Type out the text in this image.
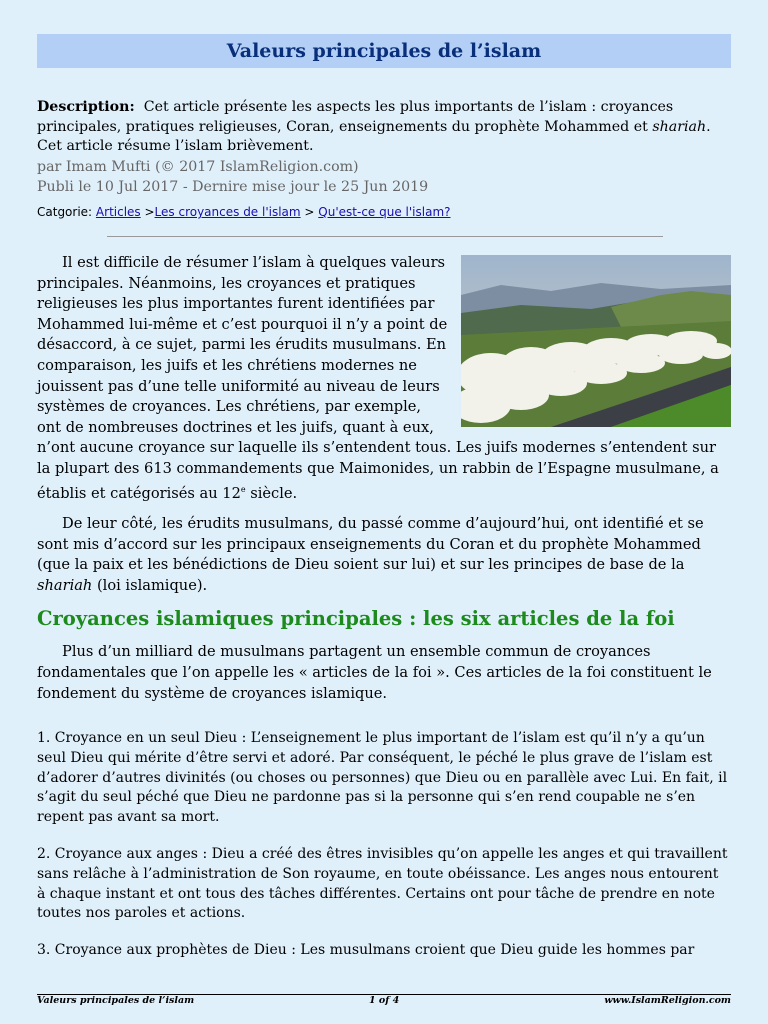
Valeurs principales de l’islam
Description: Cet article présente les aspects les plus importants de l’islam : croyances principales, pratiques religieuses, Coran, enseignements du prophète Mohammed et shariah. Cet article résume l’islam brièvement.
par Imam Mufti (© 2017 IslamReligion.com)
Publi le 10 Jul 2017 - Dernire mise jour le 25 Jun 2019
Catgorie: Articles >Les croyances de l'islam > Qu'est-ce que l'islam?

Il est difficile de résumer l’islam à quelques valeurs principales. Néanmoins, les croyances et pratiques religieuses les plus importantes furent identifiées par Mohammed lui-même et c’est pourquoi il n’y a point de désaccord, à ce sujet, parmi les érudits musulmans. En comparaison, les juifs et les chrétiens modernes ne jouissent pas d’une telle uniformité au niveau de leurs systèmes de croyances. Les chrétiens, par exemple, ont de nombreuses doctrines et les juifs, quant à eux, n’ont aucune croyance sur laquelle ils s’entendent tous. Les juifs modernes s’entendent sur la plupart des 613 commandements que Maimonides, un rabbin de l’Espagne musulmane, a établis et catégorisés au 12e siècle.

De leur côté, les érudits musulmans, du passé comme d’aujourd’hui, ont identifié et se sont mis d’accord sur les principaux enseignements du Coran et du prophète Mohammed (que la paix et les bénédictions de Dieu soient sur lui) et sur les principes de base de la shariah (loi islamique).

Croyances islamiques principales : les six articles de la foi

Plus d’un milliard de musulmans partagent un ensemble commun de croyances fondamentales que l’on appelle les « articles de la foi ». Ces articles de la foi constituent le fondement du système de croyances islamique.

1. Croyance en un seul Dieu : L’enseignement le plus important de l’islam est qu’il n’y a qu’un seul Dieu qui mérite d’être servi et adoré. Par conséquent, le péché le plus grave de l’islam est d’adorer d’autres divinités (ou choses ou personnes) que Dieu ou en parallèle avec Lui. En fait, il s’agit du seul péché que Dieu ne pardonne pas si la personne qui s’en rend coupable ne s’en repent pas avant sa mort.
2. Croyance aux anges : Dieu a créé des êtres invisibles qu’on appelle les anges et qui travaillent sans relâche à l’administration de Son royaume, en toute obéissance. Les anges nous entourent à chaque instant et ont tous des tâches différentes. Certains ont pour tâche de prendre en note toutes nos paroles et actions.
3. Croyance aux prophètes de Dieu : Les musulmans croient que Dieu guide les hommes par
Valeurs principales de l’islam	1 of 4	www.IslamReligion.com
